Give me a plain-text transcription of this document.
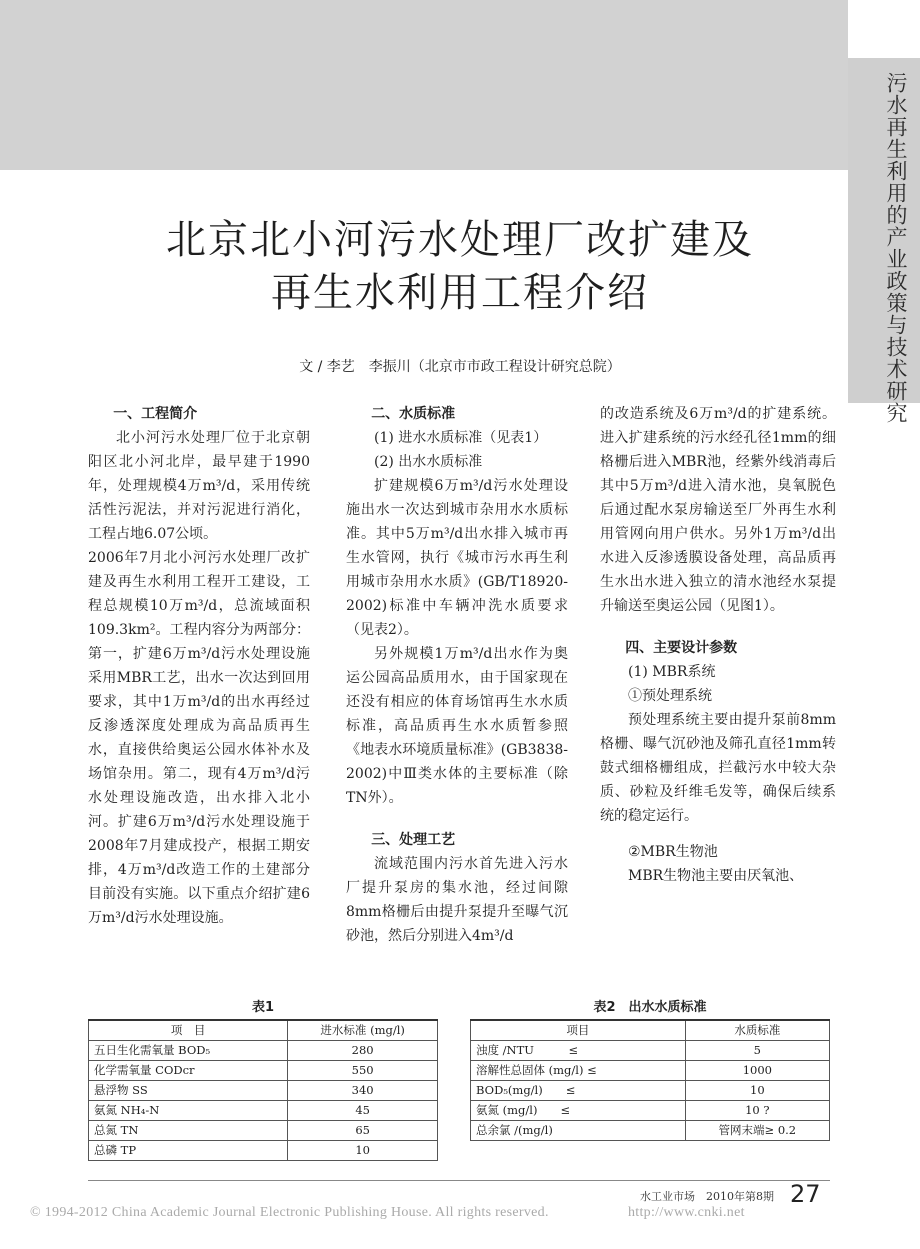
污水再生利用的产业政策与技术研究
北京北小河污水处理厂改扩建及
再生水利用工程介绍
文 / 李艺　李振川（北京市市政工程设计研究总院）
一、工程简介

北小河污水处理厂位于北京朝阳区北小河北岸，最早建于1990年，处理规模4万m³/d，采用传统活性污泥法，并对污泥进行消化，工程占地6.07公顷。

2006年7月北小河污水处理厂改扩建及再生水利用工程开工建设，工程总规模10万m³/d，总流域面积109.3km²。工程内容分为两部分：第一，扩建6万m³/d污水处理设施采用MBR工艺，出水一次达到回用要求，其中1万m³/d的出水再经过反渗透深度处理成为高品质再生水，直接供给奥运公园水体补水及场馆杂用。第二，现有4万m³/d污水处理设施改造，出水排入北小河。扩建6万m³/d污水处理设施于2008年7月建成投产，根据工期安排，4万m³/d改造工作的土建部分目前没有实施。以下重点介绍扩建6万m³/d污水处理设施。

二、水质标准

(1) 进水水质标准（见表1）

(2) 出水水质标准

扩建规模6万m³/d污水处理设施出水一次达到城市杂用水水质标准。其中5万m³/d出水排入城市再生水管网，执行《城市污水再生利用城市杂用水水质》(GB/T18920-2002)标准中车辆冲洗水质要求（见表2）。

另外规模1万m³/d出水作为奥运公园高品质用水，由于国家现在还没有相应的体育场馆再生水水质标准，高品质再生水水质暂参照《地表水环境质量标准》(GB3838-2002)中Ⅲ类水体的主要标准（除TN外）。

三、处理工艺

流域范围内污水首先进入污水厂提升泵房的集水池，经过间隙8mm格栅后由提升泵提升至曝气沉砂池，然后分别进入4m³/d

的改造系统及6万m³/d的扩建系统。进入扩建系统的污水经孔径1mm的细格栅后进入MBR池，经紫外线消毒后其中5万m³/d进入清水池，臭氧脱色后通过配水泵房输送至厂外再生水利用管网向用户供水。另外1万m³/d出水进入反渗透膜设备处理，高品质再生水出水进入独立的清水池经水泵提升输送至奥运公园（见图1）。

四、主要设计参数

(1) MBR系统

①预处理系统

预处理系统主要由提升泵前8mm格栅、曝气沉砂池及筛孔直径1mm转鼓式细格栅组成，拦截污水中较大杂质、砂粒及纤维毛发等，确保后续系统的稳定运行。

②MBR生物池

MBR生物池主要由厌氧池、

表1
项　目	进水标准 (mg/l)
五日生化需氧量 BOD₅	280
化学需氧量 CODcr	550
悬浮物 SS	340
氨氮 NH₄-N	45
总氮 TN	65
总磷 TP	10
表2　出水水质标准
项目	水质标准
浊度 /NTU　　　≤	5
溶解性总固体 (mg/l) ≤	1000
BOD₅(mg/l)　　≤	10
氨氮 (mg/l)　　≤	10 ?
总余氯 /(mg/l)	管网末端≥ 0.2
水工业市场　2010年第8期 27
© 1994-2012 China Academic Journal Electronic Publishing House. All rights reserved.	http://www.cnki.net
